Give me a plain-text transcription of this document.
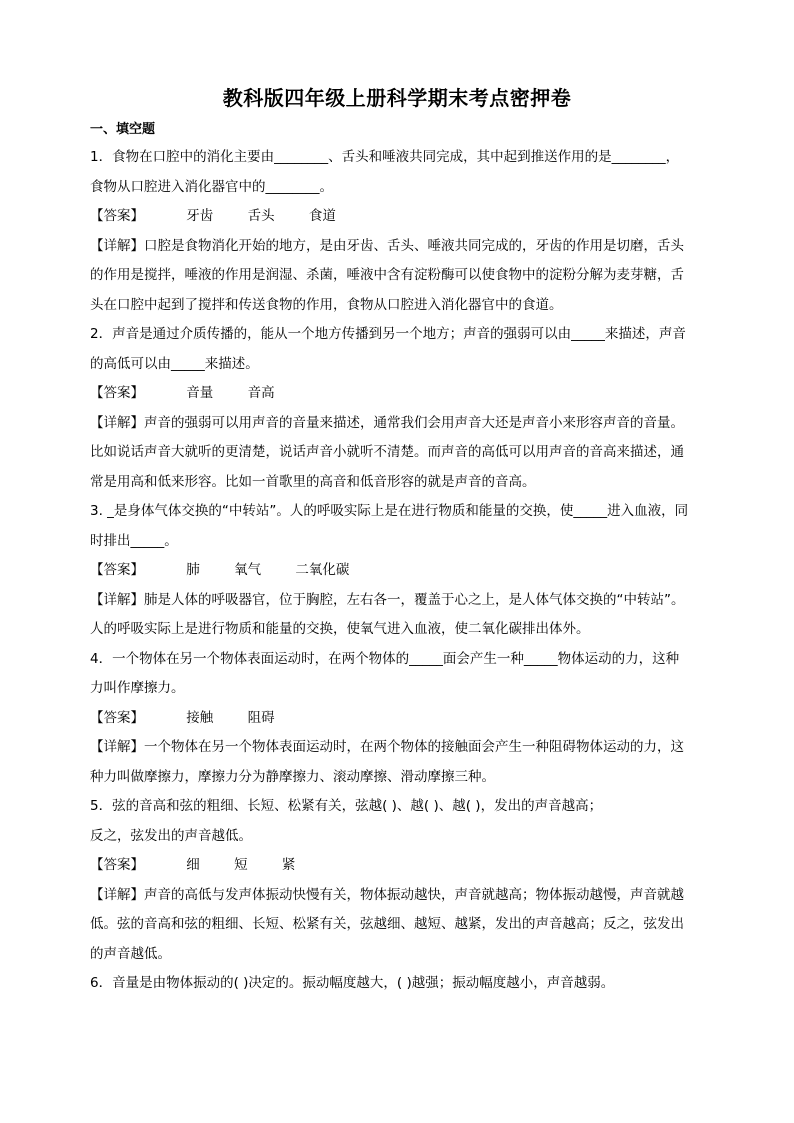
教科版四年级上册科学期末考点密押卷
一、填空题
1．食物在口腔中的消化主要由________、舌头和唾液共同完成，其中起到推送作用的是________，
食物从口腔进入消化器官中的________。
【答案】	牙齿	舌头	食道
【详解】口腔是食物消化开始的地方，是由牙齿、舌头、唾液共同完成的，牙齿的作用是切磨，舌头
的作用是搅拌，唾液的作用是润湿、杀菌，唾液中含有淀粉酶可以使食物中的淀粉分解为麦芽糖，舌
头在口腔中起到了搅拌和传送食物的作用，食物从口腔进入消化器官中的食道。
2．声音是通过介质传播的，能从一个地方传播到另一个地方；声音的强弱可以由_____来描述，声音
的高低可以由_____来描述。
【答案】	音量	音高
【详解】声音的强弱可以用声音的音量来描述，通常我们会用声音大还是声音小来形容声音的音量。
比如说话声音大就听的更清楚，说话声音小就听不清楚。而声音的高低可以用声音的音高来描述，通
常是用高和低来形容。比如一首歌里的高音和低音形容的就是声音的音高。
3. _是身体气体交换的“中转站”。人的呼吸实际上是在进行物质和能量的交换，使_____进入血液，同
时排出_____。
【答案】	肺	氧气	二氧化碳
【详解】肺是人体的呼吸器官，位于胸腔，左右各一，覆盖于心之上，是人体气体交换的“中转站”。
人的呼吸实际上是进行物质和能量的交换，使氧气进入血液，使二氧化碳排出体外。
4．一个物体在另一个物体表面运动时，在两个物体的_____面会产生一种_____物体运动的力，这种
力叫作摩擦力。
【答案】	接触	阻碍
【详解】一个物体在另一个物体表面运动时，在两个物体的接触面会产生一种阻碍物体运动的力，这
种力叫做摩擦力，摩擦力分为静摩擦力、滚动摩擦、滑动摩擦三种。
5．弦的音高和弦的粗细、长短、松紧有关，弦越( )、越( )、越( )，发出的声音越高；
反之，弦发出的声音越低。
【答案】	细	短	紧
【详解】声音的高低与发声体振动快慢有关，物体振动越快，声音就越高；物体振动越慢，声音就越
低。弦的音高和弦的粗细、长短、松紧有关，弦越细、越短、越紧，发出的声音越高；反之，弦发出
的声音越低。
6．音量是由物体振动的( )决定的。振动幅度越大，( )越强；振动幅度越小，声音越弱。
